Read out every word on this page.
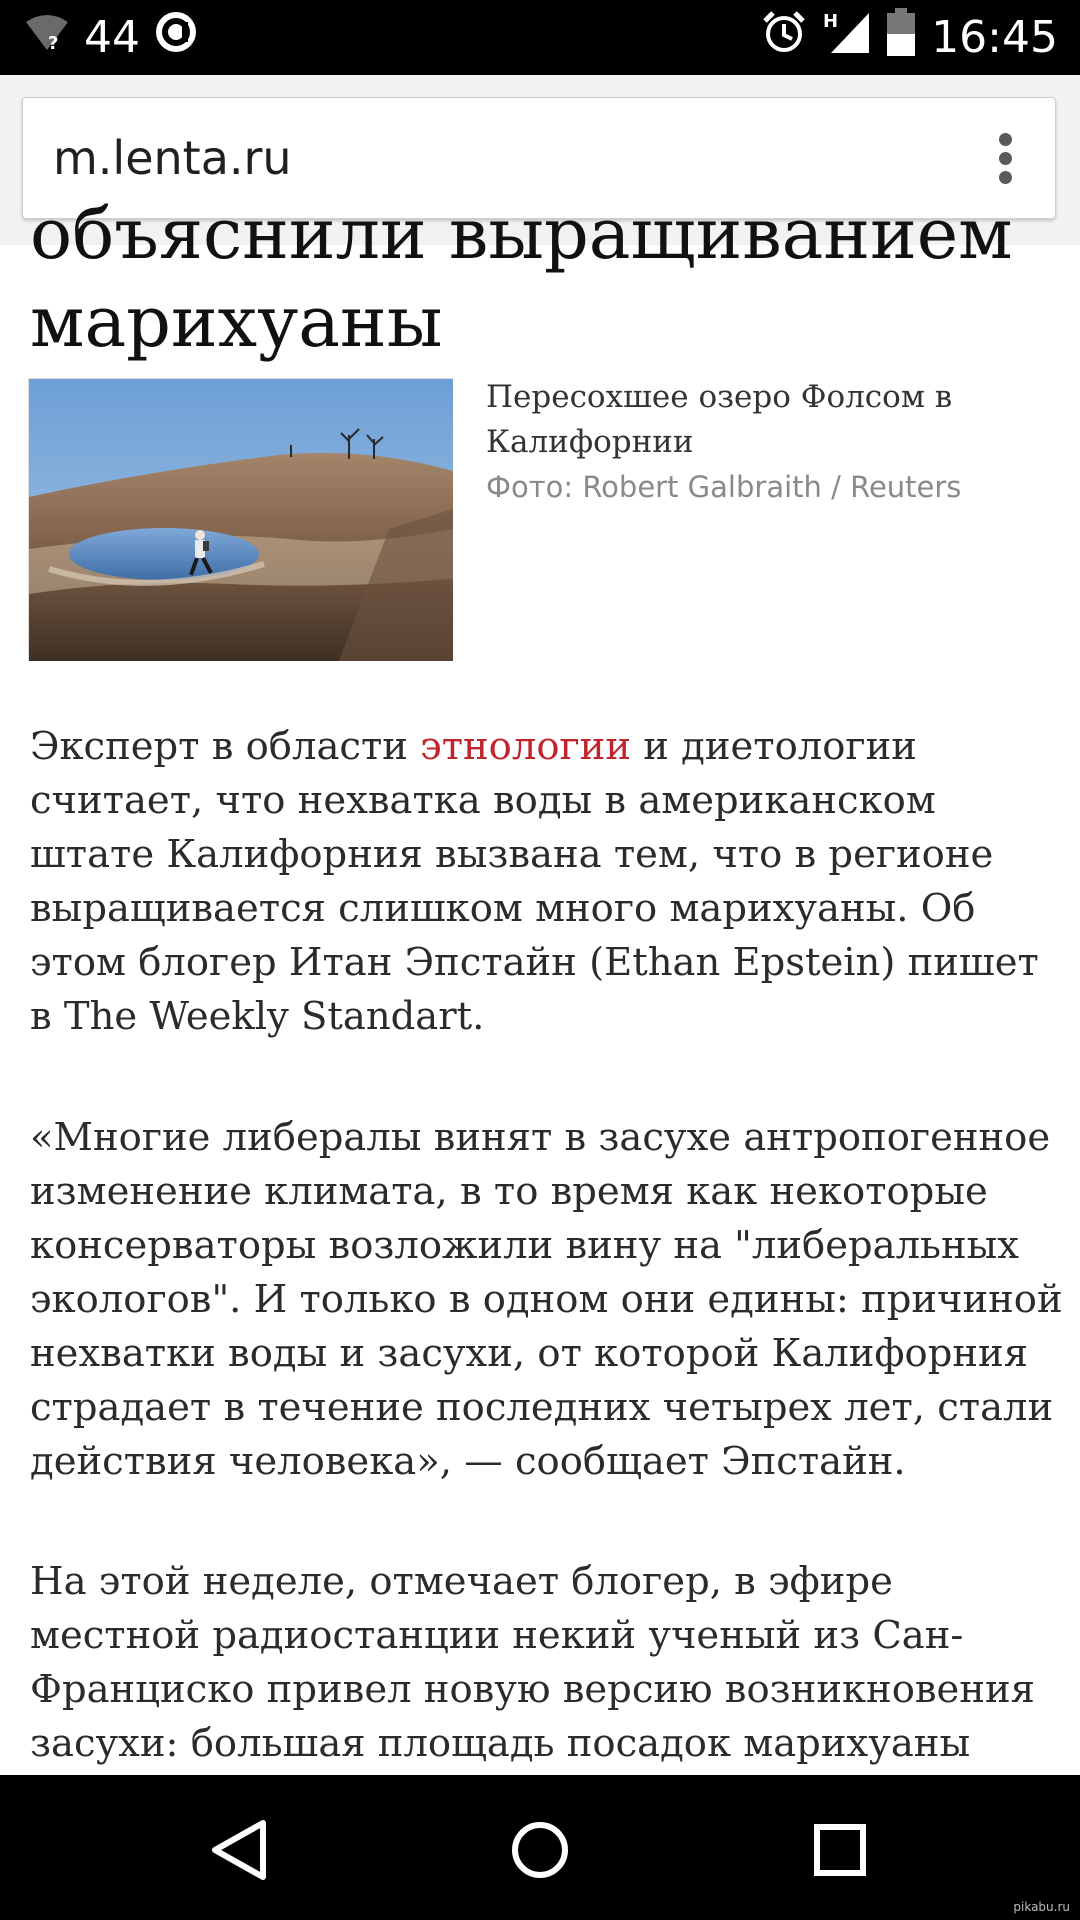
? 44	H 16:45
m.lenta.ru
объяснили выращиванием марихуаны
Пересохшее озеро Фолсом в Калифорнии
Фото: Robert Galbraith / Reuters

Эксперт в области этнологии и диетологии считает, что нехватка воды в американском штате Калифорния вызвана тем, что в регионе выращивается слишком много марихуаны. Об этом блогер Итан Эпстайн (Ethan Epstein) пишет в The Weekly Standart.

«Многие либералы винят в засухе антропогенное изменение климата, в то время как некоторые консерваторы возложили вину на "либеральных экологов". И только в одном они едины: причиной нехватки воды и засухи, от которой Калифорния страдает в течение последних четырех лет, стали действия человека», — сообщает Эпстайн.

На этой неделе, отмечает блогер, в эфире местной радиостанции некий ученый из Сан-Франциско привел новую версию возникновения засухи: большая площадь посадок марихуаны

pikabu.ru
